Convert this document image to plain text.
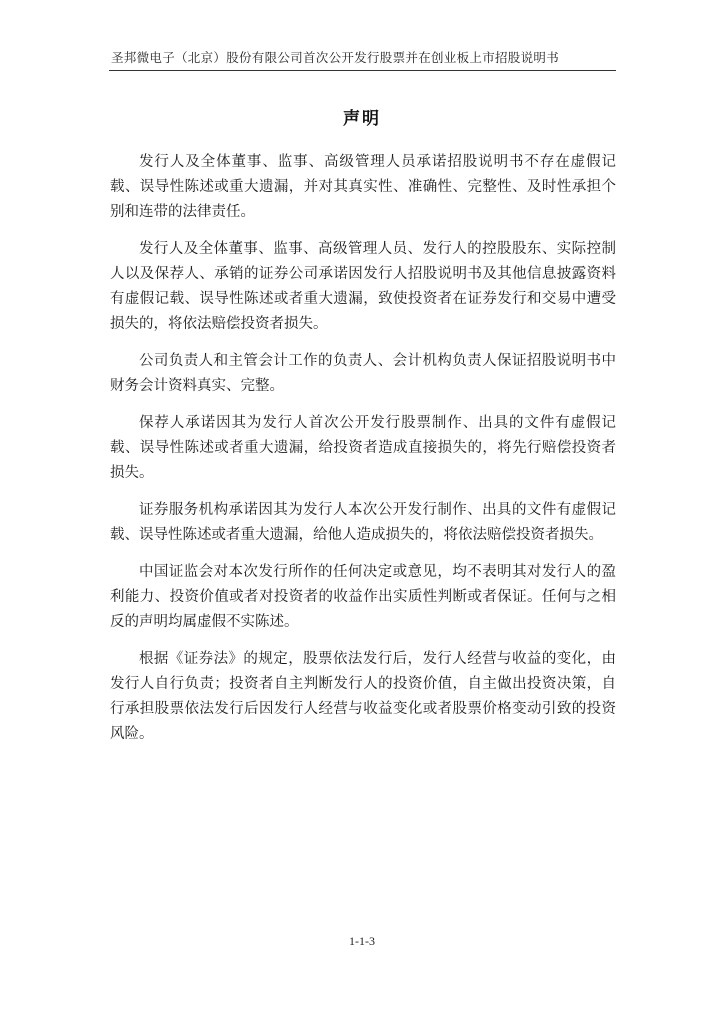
圣邦微电子（北京）股份有限公司首次公开发行股票并在创业板上市招股说明书
声明

发行人及全体董事、监事、高级管理人员承诺招股说明书不存在虚假记载、误导性陈述或重大遗漏，并对其真实性、准确性、完整性、及时性承担个别和连带的法律责任。

发行人及全体董事、监事、高级管理人员、发行人的控股股东、实际控制人以及保荐人、承销的证券公司承诺因发行人招股说明书及其他信息披露资料有虚假记载、误导性陈述或者重大遗漏，致使投资者在证券发行和交易中遭受损失的，将依法赔偿投资者损失。

公司负责人和主管会计工作的负责人、会计机构负责人保证招股说明书中财务会计资料真实、完整。

保荐人承诺因其为发行人首次公开发行股票制作、出具的文件有虚假记载、误导性陈述或者重大遗漏，给投资者造成直接损失的，将先行赔偿投资者损失。

证券服务机构承诺因其为发行人本次公开发行制作、出具的文件有虚假记载、误导性陈述或者重大遗漏，给他人造成损失的，将依法赔偿投资者损失。

中国证监会对本次发行所作的任何决定或意见，均不表明其对发行人的盈利能力、投资价值或者对投资者的收益作出实质性判断或者保证。任何与之相反的声明均属虚假不实陈述。

根据《证券法》的规定，股票依法发行后，发行人经营与收益的变化，由发行人自行负责；投资者自主判断发行人的投资价值，自主做出投资决策，自行承担股票依法发行后因发行人经营与收益变化或者股票价格变动引致的投资风险。

1-1-3
